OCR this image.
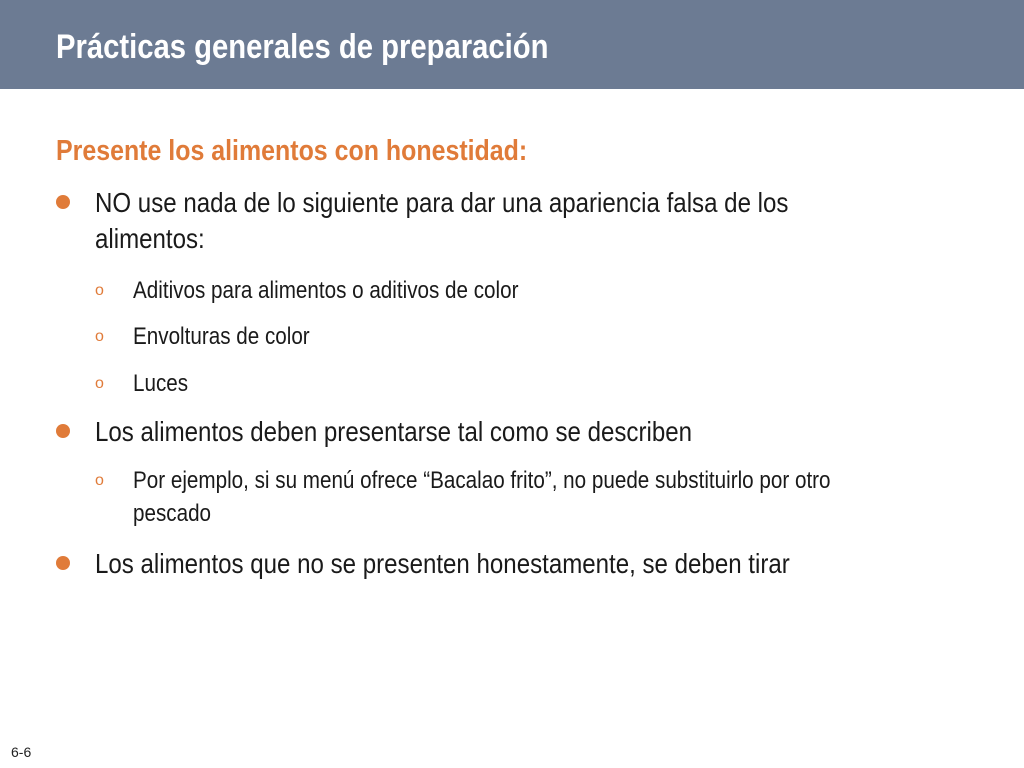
Prácticas generales de preparación
Presente los alimentos con honestidad:
NO use nada de lo siguiente para dar una apariencia falsa de los alimentos:
o Aditivos para alimentos o aditivos de color
o Envolturas de color
o Luces
Los alimentos deben presentarse tal como se describen
o Por ejemplo, si su menú ofrece “Bacalao frito”, no puede substituirlo por otro pescado
Los alimentos que no se presenten honestamente, se deben tirar
6-6
